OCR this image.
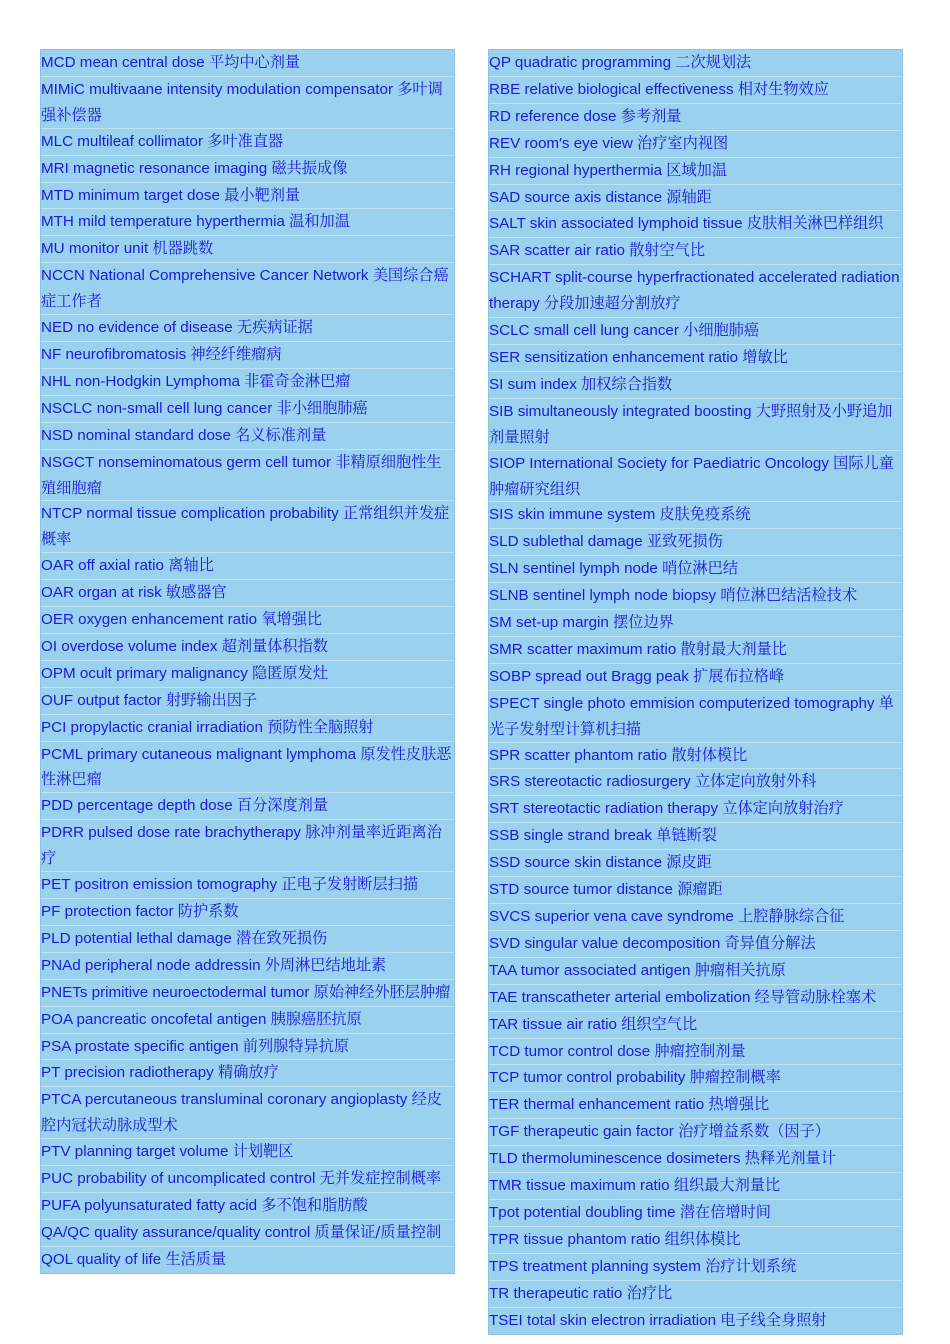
MCD mean central dose 平均中心剂量
MIMiC multivaane intensity modulation compensator 多叶调强补偿器
MLC multileaf collimator 多叶准直器
MRI magnetic resonance imaging 磁共振成像
MTD minimum target dose 最小靶剂量
MTH mild temperature hyperthermia 温和加温
MU monitor unit 机器跳数
NCCN National Comprehensive Cancer Network 美国综合癌症工作者
NED no evidence of disease 无疾病证据
NF neurofibromatosis 神经纤维瘤病
NHL non-Hodgkin Lymphoma 非霍奇金淋巴瘤
NSCLC non-small cell lung cancer 非小细胞肺癌
NSD nominal standard dose 名义标准剂量
NSGCT nonseminomatous germ cell tumor 非精原细胞性生殖细胞瘤
NTCP normal tissue complication probability 正常组织并发症概率
OAR off axial ratio 离轴比
OAR organ at risk 敏感器官
OER oxygen enhancement ratio 氧增强比
OI overdose volume index 超剂量体积指数
OPM ocult primary malignancy 隐匿原发灶
OUF output factor 射野输出因子
PCI propylactic cranial irradiation 预防性全脑照射
PCML primary cutaneous malignant lymphoma 原发性皮肤恶性淋巴瘤
PDD percentage depth dose 百分深度剂量
PDRR pulsed dose rate brachytherapy 脉冲剂量率近距离治疗
PET positron emission tomography 正电子发射断层扫描
PF protection factor 防护系数
PLD potential lethal damage 潜在致死损伤
PNAd peripheral node addressin 外周淋巴结地址素
PNETs primitive neuroectodermal tumor 原始神经外胚层肿瘤
POA pancreatic oncofetal antigen 胰腺癌胚抗原
PSA prostate specific antigen 前列腺特异抗原
PT precision radiotherapy 精确放疗
PTCA percutaneous transluminal coronary angioplasty 经皮腔内冠状动脉成型术
PTV planning target volume 计划靶区
PUC probability of uncomplicated control 无并发症控制概率
PUFA polyunsaturated fatty acid 多不饱和脂肪酸
QA/QC quality assurance/quality control 质量保证/质量控制
QOL quality of life 生活质量
QP quadratic programming 二次规划法
RBE relative biological effectiveness 相对生物效应
RD reference dose 参考剂量
REV room′s eye view 治疗室内视图
RH regional hyperthermia 区域加温
SAD source axis distance 源轴距
SALT skin associated lymphoid tissue 皮肤相关淋巴样组织
SAR scatter air ratio 散射空气比
SCHART split-course hyperfractionated accelerated radiation therapy 分段加速超分割放疗
SCLC small cell lung cancer 小细胞肺癌
SER sensitization enhancement ratio 增敏比
SI sum index 加权综合指数
SIB simultaneously integrated boosting 大野照射及小野追加剂量照射
SIOP International Society for Paediatric Oncology 国际儿童肿瘤研究组织
SIS skin immune system 皮肤免疫系统
SLD sublethal damage 亚致死损伤
SLN sentinel lymph node 哨位淋巴结
SLNB sentinel lymph node biopsy 哨位淋巴结活检技术
SM set-up margin 摆位边界
SMR scatter maximum ratio 散射最大剂量比
SOBP spread out Bragg peak 扩展布拉格峰
SPECT single photo emmision computerized tomography 单光子发射型计算机扫描
SPR scatter phantom ratio 散射体模比
SRS stereotactic radiosurgery 立体定向放射外科
SRT stereotactic radiation therapy 立体定向放射治疗
SSB single strand break 单链断裂
SSD source skin distance 源皮距
STD source tumor distance 源瘤距
SVCS superior vena cave syndrome 上腔静脉综合征
SVD singular value decomposition 奇异值分解法
TAA tumor associated antigen 肿瘤相关抗原
TAE transcatheter arterial embolization 经导管动脉栓塞术
TAR tissue air ratio 组织空气比
TCD tumor control dose 肿瘤控制剂量
TCP tumor control probability 肿瘤控制概率
TER thermal enhancement ratio 热增强比
TGF therapeutic gain factor 治疗增益系数（因子）
TLD thermoluminescence dosimeters 热释光剂量计
TMR tissue maximum ratio 组织最大剂量比
Tpot potential doubling time 潜在倍增时间
TPR tissue phantom ratio 组织体模比
TPS treatment planning system 治疗计划系统
TR therapeutic ratio 治疗比
TSEI total skin electron irradiation 电子线全身照射
